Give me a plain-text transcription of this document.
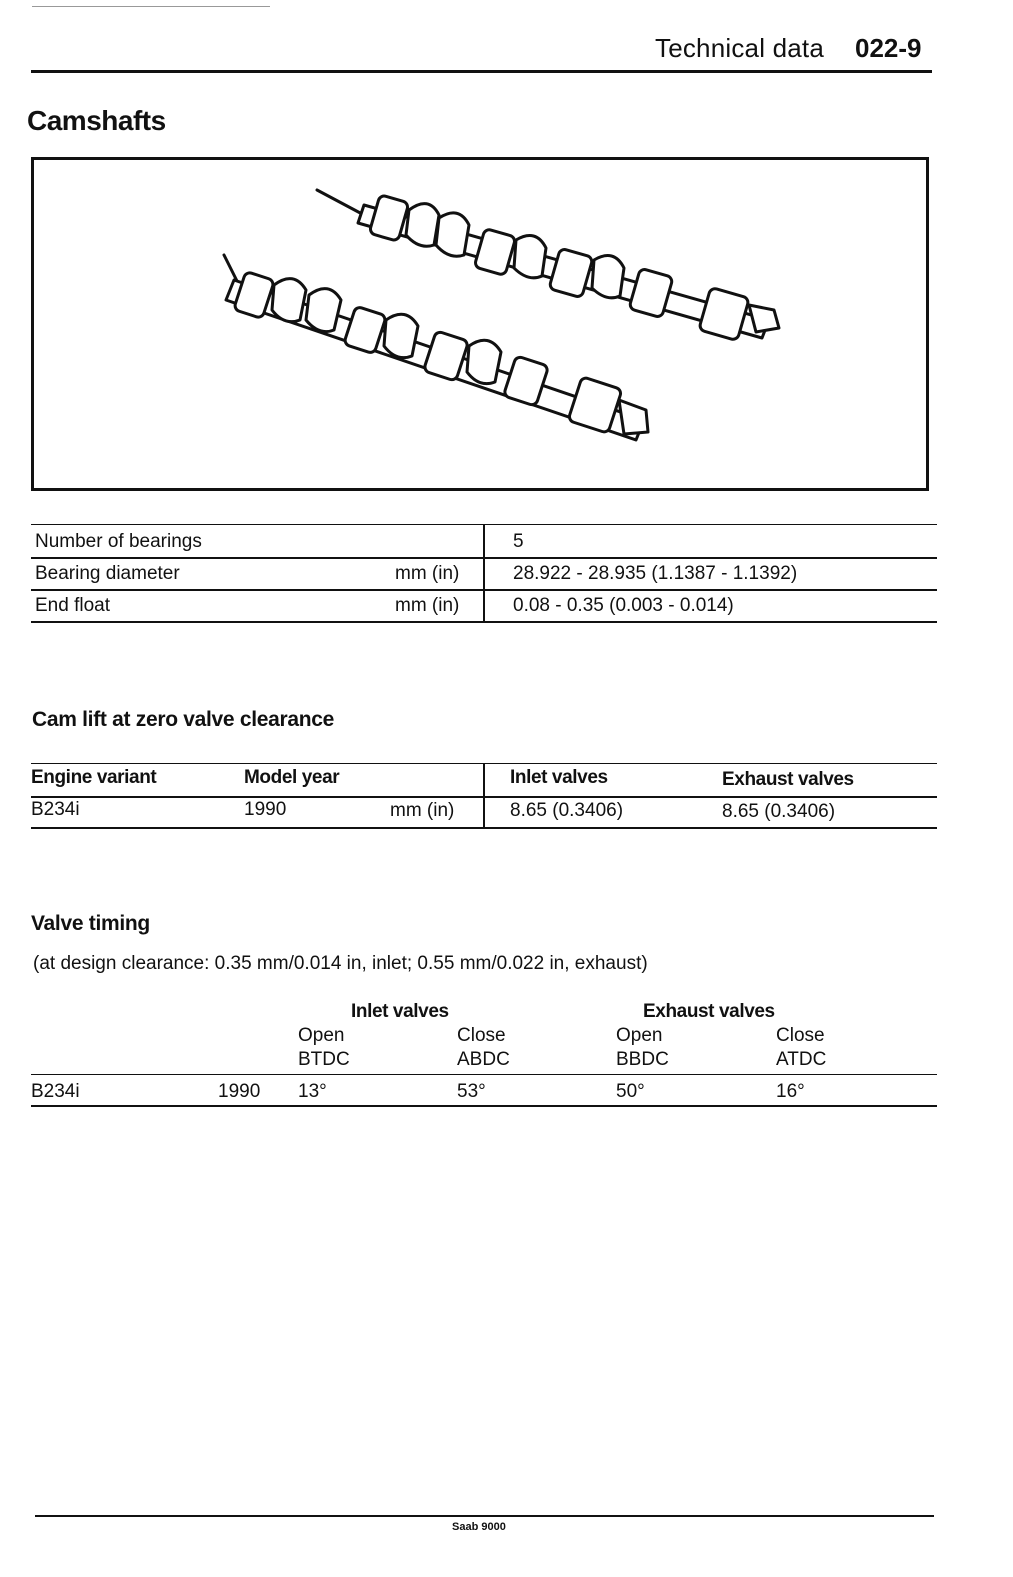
Technical data 022-9
Camshafts
Number of bearings	5
Bearing diameter	mm (in)	28.922 - 28.935 (1.1387 - 1.1392)
End float	mm (in)	0.08 - 0.35 (0.003 - 0.014)
Cam lift at zero valve clearance
Engine variant	Model year	Inlet valves	Exhaust valves
B234i	1990	mm (in)	8.65 (0.3406)	8.65 (0.3406)
Valve timing
(at design clearance: 0.35 mm/0.014 in, inlet; 0.55 mm/0.022 in, exhaust)
Inlet valves	Exhaust valves
Open	Close	Open	Close
BTDC	ABDC	BBDC	ATDC
B234i	1990 13°	53°	50°	16°
Saab 9000
